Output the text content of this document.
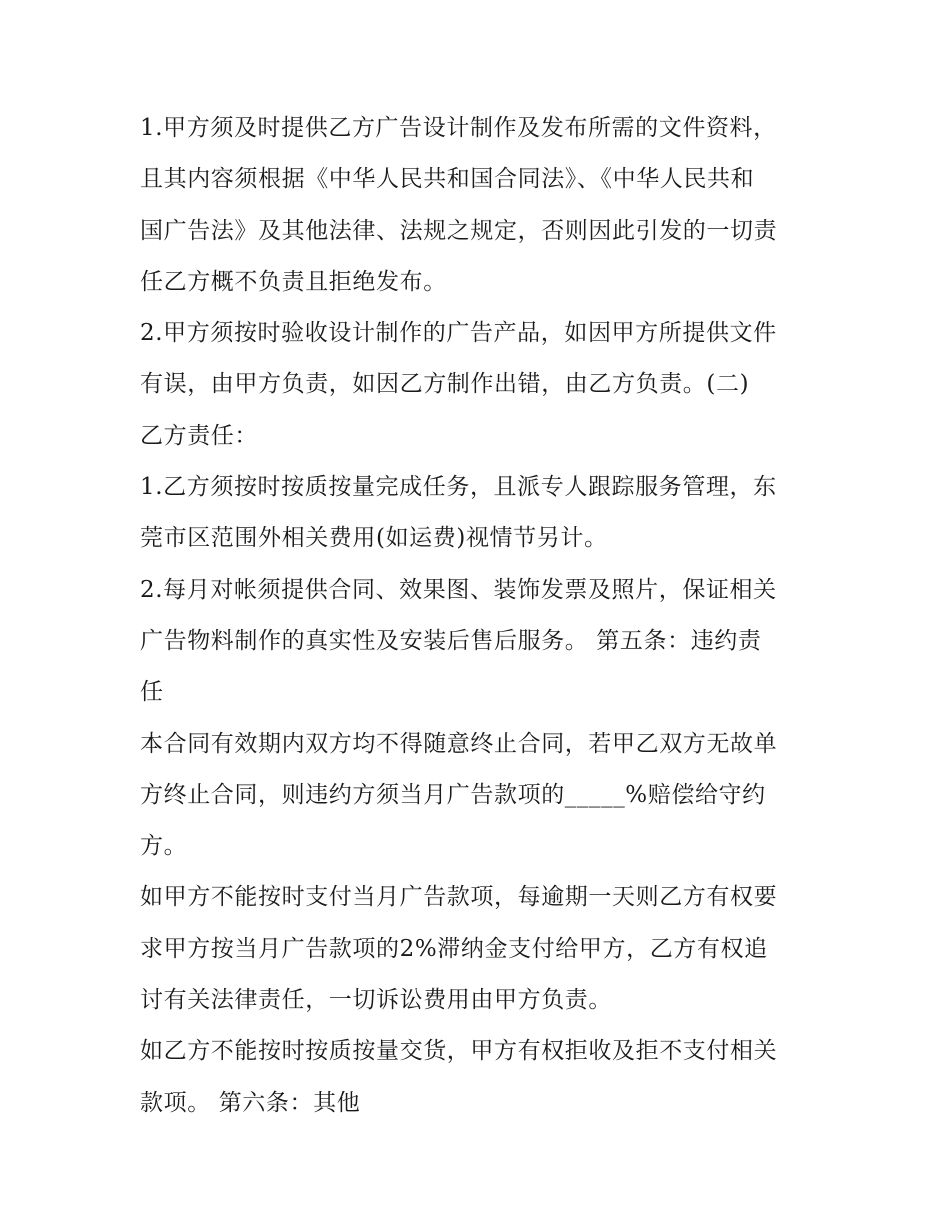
1.甲方须及时提供乙方广告设计制作及发布所需的文件资料，
且其内容须根据《中华人民共和国合同法》、《中华人民共和
国广告法》及其他法律、法规之规定，否则因此引发的一切责
任乙方概不负责且拒绝发布。
2.甲方须按时验收设计制作的广告产品，如因甲方所提供文件
有误，由甲方负责，如因乙方制作出错，由乙方负责。(二)
乙方责任：
1.乙方须按时按质按量完成任务，且派专人跟踪服务管理，东
莞市区范围外相关费用(如运费)视情节另计。
2.每月对帐须提供合同、效果图、装饰发票及照片，保证相关
广告物料制作的真实性及安装后售后服务。 第五条：违约责
任
本合同有效期内双方均不得随意终止合同，若甲乙双方无故单
方终止合同，则违约方须当月广告款项的_____%赔偿给守约
方。
如甲方不能按时支付当月广告款项，每逾期一天则乙方有权要
求甲方按当月广告款项的2%滞纳金支付给甲方，乙方有权追
讨有关法律责任，一切诉讼费用由甲方负责。
如乙方不能按时按质按量交货，甲方有权拒收及拒不支付相关
款项。 第六条：其他
